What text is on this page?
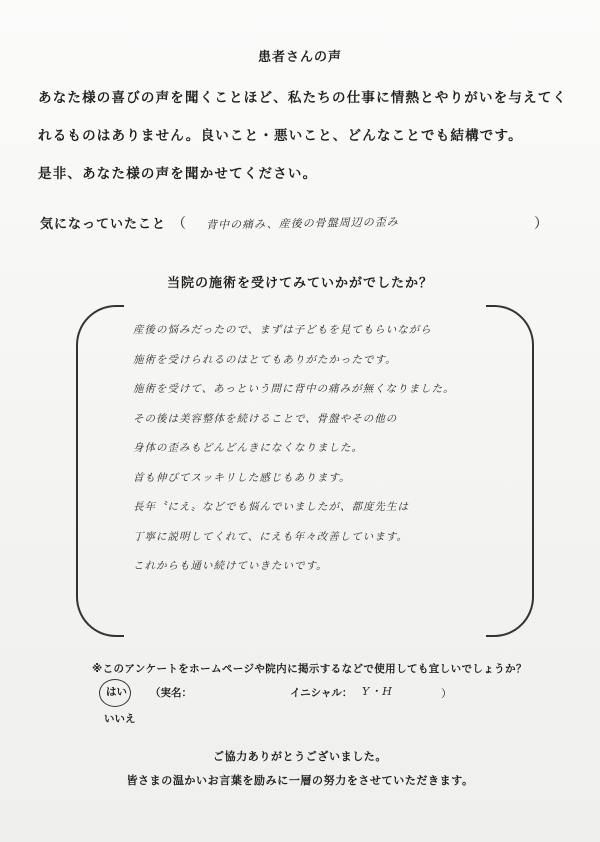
患者さんの声
あなた様の喜びの声を聞くことほど、私たちの仕事に情熱とやりがいを与えてく
れるものはありません。良いこと・悪いこと、どんなことでも結構です。
是非、あなた様の声を聞かせてください。
気になっていたこと （ 背中の痛み、産後の骨盤周辺の歪み	）
当院の施術を受けてみていかがでしたか？
産後の悩みだったので、まずは子どもを見てもらいながら
施術を受けられるのはとてもありがたかったです。
施術を受けて、あっという間に背中の痛みが無くなりました。
その後は美容整体を続けることで、骨盤やその他の
身体の歪みもどんどんきになくなりました。
首も伸びてスッキリした感じもあります。
長年〝にえ〟などでも悩んでいましたが、都度先生は
丁寧に説明してくれて、にえも年々改善しています。
これからも通い続けていきたいです。
※このアンケートをホームページや院内に掲示するなどで使用しても宜しいでしょうか？
はい （実名：	イニシャル： Y・H	）
いいえ
ご協力ありがとうございました。
皆さまの温かいお言葉を励みに一層の努力をさせていただきます。
